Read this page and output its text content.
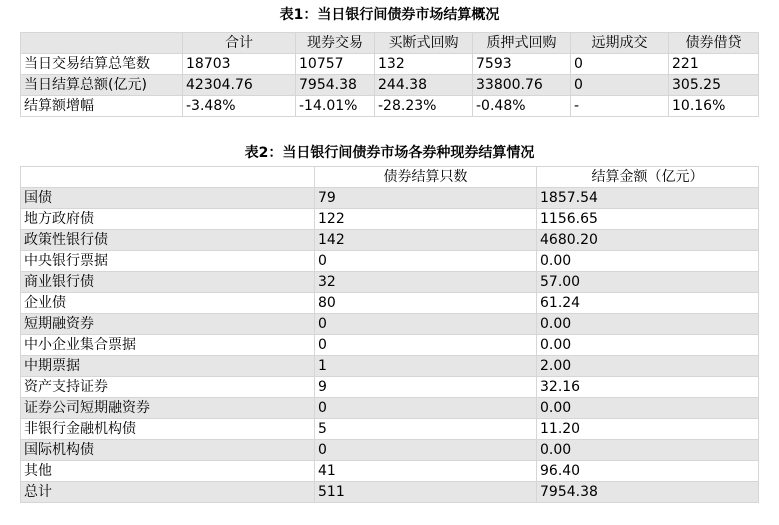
表1：当日银行间债券市场结算概况
	合计	现券交易	买断式回购	质押式回购	远期成交	债券借贷
当日交易结算总笔数	18703	10757	132	7593	0	221
当日结算总额(亿元)	42304.76	7954.38	244.38	33800.76	0	305.25
结算额增幅	-3.48%	-14.01%	-28.23%	-0.48%	-	10.16%
表2：当日银行间债券市场各券种现券结算情况
	债券结算只数	结算金额（亿元）
国债	79	1857.54
地方政府债	122	1156.65
政策性银行债	142	4680.20
中央银行票据	0	0.00
商业银行债	32	57.00
企业债	80	61.24
短期融资券	0	0.00
中小企业集合票据	0	0.00
中期票据	1	2.00
资产支持证券	9	32.16
证券公司短期融资券	0	0.00
非银行金融机构债	5	11.20
国际机构债	0	0.00
其他	41	96.40
总计	511	7954.38
